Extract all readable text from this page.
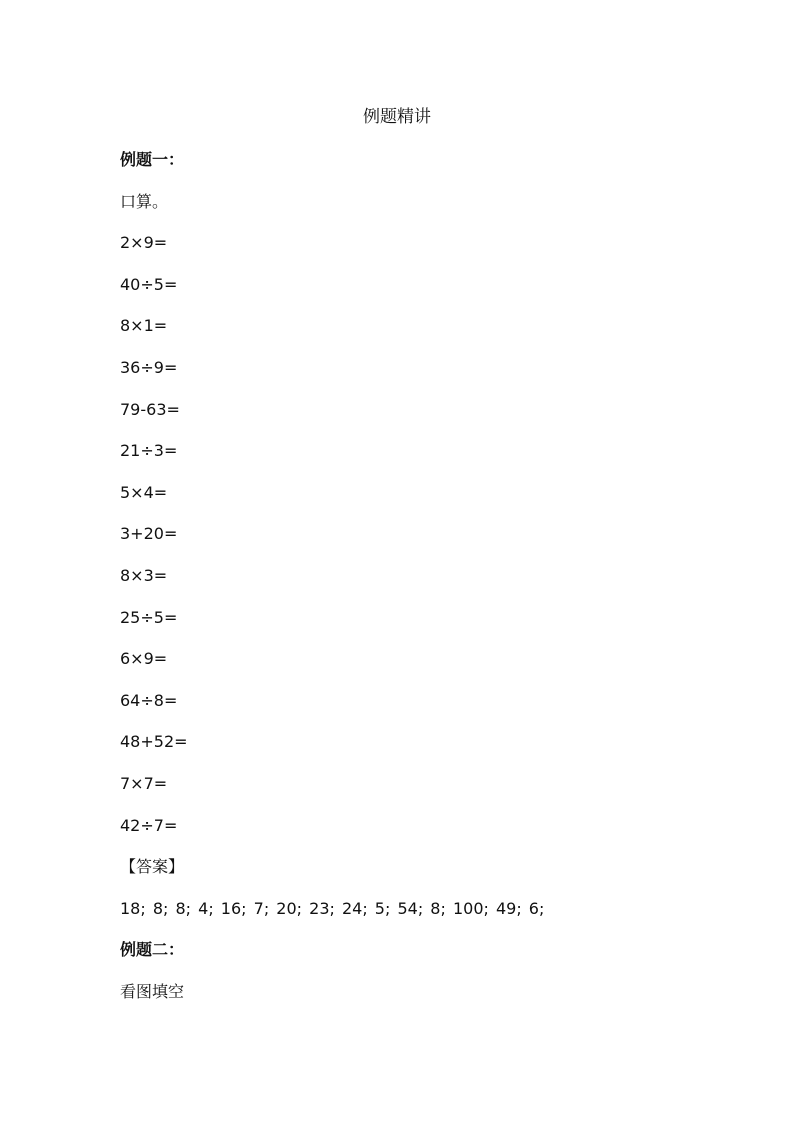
例题精讲
例题一：
口算。
2×9=
40÷5=
8×1=
36÷9=
79-63=
21÷3=
5×4=
3+20=
8×3=
25÷5=
6×9=
64÷8=
48+52=
7×7=
42÷7=
【答案】
18; 8; 8; 4; 16; 7; 20; 23; 24; 5; 54; 8; 100; 49; 6;
例题二：
看图填空
